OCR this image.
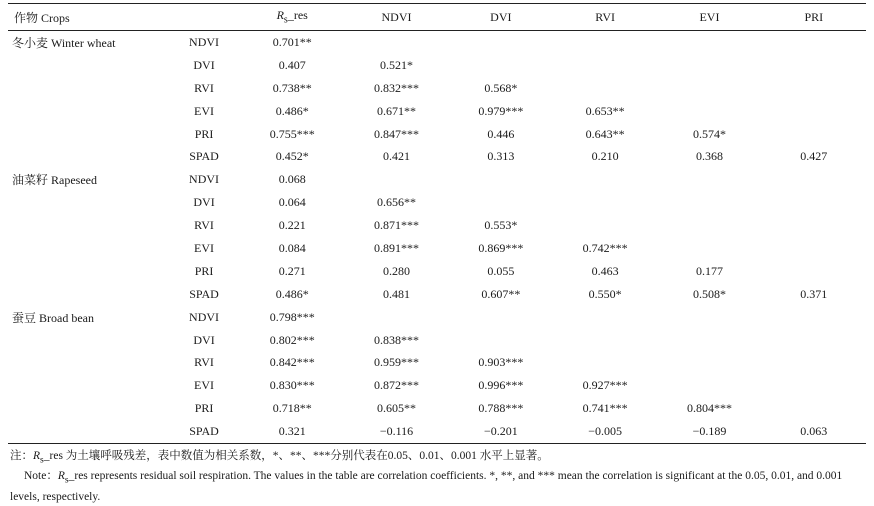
作物 Crops		$R_s\_res$	NDVI	DVI	RVI	EVI	PRI
冬小麦 Winter wheat	NDVI	0.701**					
	DVI	0.407	0.521*				
	RVI	0.738**	0.832***	0.568*			
	EVI	0.486*	0.671**	0.979***	0.653**		
	PRI	0.755***	0.847***	0.446	0.643**	0.574*	
	SPAD	0.452*	0.421	0.313	0.210	0.368	0.427
油菜籽 Rapeseed	NDVI	0.068					
	DVI	0.064	0.656**				
	RVI	0.221	0.871***	0.553*			
	EVI	0.084	0.891***	0.869***	0.742***		
	PRI	0.271	0.280	0.055	0.463	0.177	
	SPAD	0.486*	0.481	0.607**	0.550*	0.508*	0.371
蚕豆 Broad bean	NDVI	0.798***					
	DVI	0.802***	0.838***				
	RVI	0.842***	0.959***	0.903***			
	EVI	0.830***	0.872***	0.996***	0.927***		
	PRI	0.718**	0.605**	0.788***	0.741***	0.804***	
	SPAD	0.321	−0.116	−0.201	−0.005	−0.189	0.063

注：$R_s\_res$ 为土壤呼吸残差，表中数值为相关系数，*、**、***分别代表在0.05、0.01、0.001 水平上显著。

Note：$R_s\_res$ represents residual soil respiration. The values in the table are correlation coefficients. *, **, and *** mean the correlation is significant at the 0.05, 0.01, and 0.001 levels, respectively.
